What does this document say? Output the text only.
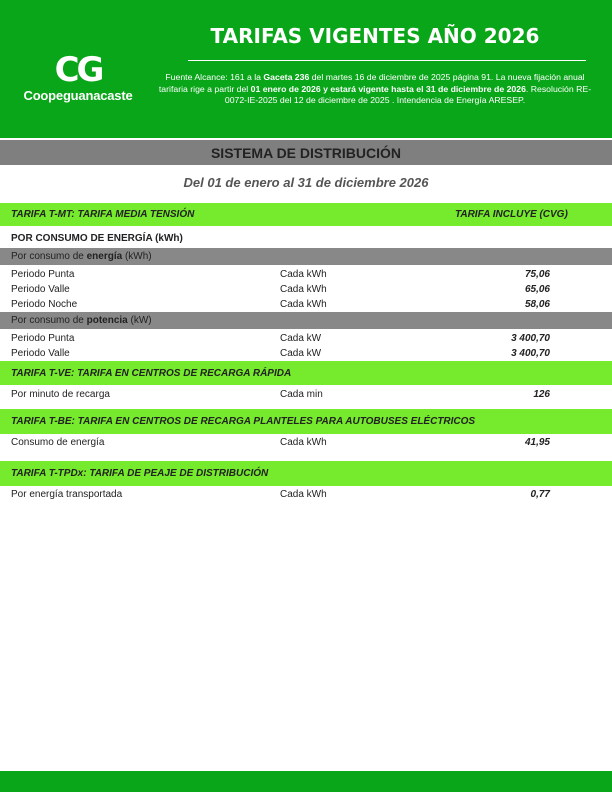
CG
Coopeguanacaste
TARIFAS VIGENTES AÑO 2026
Fuente Alcance: 161 a la Gaceta 236 del martes 16 de diciembre de 2025 página 91. La nueva fijación anual tarifaria rige a partir del 01 enero de 2026 y estará vigente hasta el 31 de diciembre de 2026. Resolución RE-0072-IE-2025 del 12 de diciembre de 2025 . Intendencia de Energía ARESEP.
SISTEMA DE DISTRIBUCIÓN
Del 01 de enero al 31 de diciembre 2026
TARIFA T-MT: TARIFA MEDIA TENSIÓN	TARIFA INCLUYE (CVG)
POR CONSUMO DE ENERGÍA (kWh)
Por consumo de energía (kWh)
Periodo Punta	Cada kWh	75,06
Periodo Valle	Cada kWh	65,06
Periodo Noche	Cada kWh	58,06
Por consumo de potencia (kW)
Periodo Punta	Cada kW	3 400,70
Periodo Valle	Cada kW	3 400,70
TARIFA T-VE: TARIFA EN CENTROS DE RECARGA RÁPIDA
Por minuto de recarga	Cada min	126
TARIFA T-BE: TARIFA EN CENTROS DE RECARGA PLANTELES PARA AUTOBUSES ELÉCTRICOS
Consumo de energía	Cada kWh	41,95
TARIFA T-TPDx: TARIFA DE PEAJE DE DISTRIBUCIÓN
Por energía transportada	Cada kWh	0,77
